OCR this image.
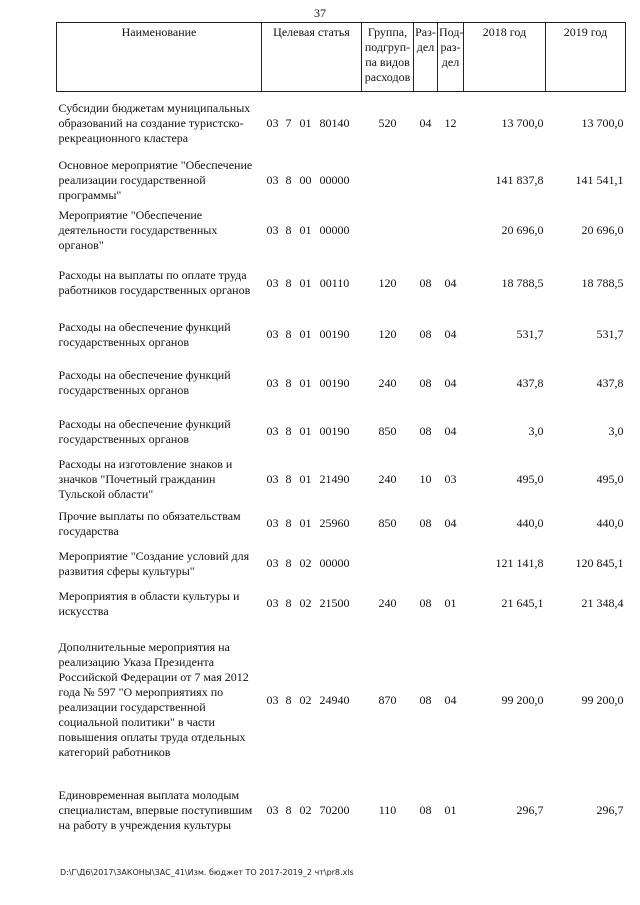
37
Наименование	Целевая статья	Группа, подгруп-па видов расходов	Раз-дел	Под-раз-дел	2018 год	2019 год
Субсидии бюджетам муниципальных образований на создание туристско-рекреационного кластера	03 7 01 80140	520	04	12	13 700,0	13 700,0
Основное мероприятие "Обеспечение реализации государственной программы"	03 8 00 00000				141 837,8	141 541,1
Мероприятие "Обеспечение деятельности государственных органов"	03 8 01 00000				20 696,0	20 696,0
Расходы на выплаты по оплате труда работников государственных органов	03 8 01 00110	120	08	04	18 788,5	18 788,5
Расходы на обеспечение функций государственных органов	03 8 01 00190	120	08	04	531,7	531,7
Расходы на обеспечение функций государственных органов	03 8 01 00190	240	08	04	437,8	437,8
Расходы на обеспечение функций государственных органов	03 8 01 00190	850	08	04	3,0	3,0
Расходы на изготовление знаков и значков "Почетный гражданин Тульской области"	03 8 01 21490	240	10	03	495,0	495,0
Прочие выплаты по обязательствам государства	03 8 01 25960	850	08	04	440,0	440,0
Мероприятие "Создание условий для развития сферы культуры"	03 8 02 00000				121 141,8	120 845,1
Мероприятия в области культуры и искусства	03 8 02 21500	240	08	01	21 645,1	21 348,4
Дополнительные мероприятия на реализацию Указа Президента Российской Федерации от 7 мая 2012 года № 597 "О мероприятиях по реализации государственной социальной политики" в части повышения оплаты труда отдельных категорий работников	03 8 02 24940	870	08	04	99 200,0	99 200,0
Единовременная выплата молодым специалистам, впервые поступившим на работу в учреждения культуры	03 8 02 70200	110	08	01	296,7	296,7
D:\Г\Д6\2017\ЗАКОНЫ\ЗАС_41\Изм. бюджет ТО 2017-2019_2 чт\pr8.xls
